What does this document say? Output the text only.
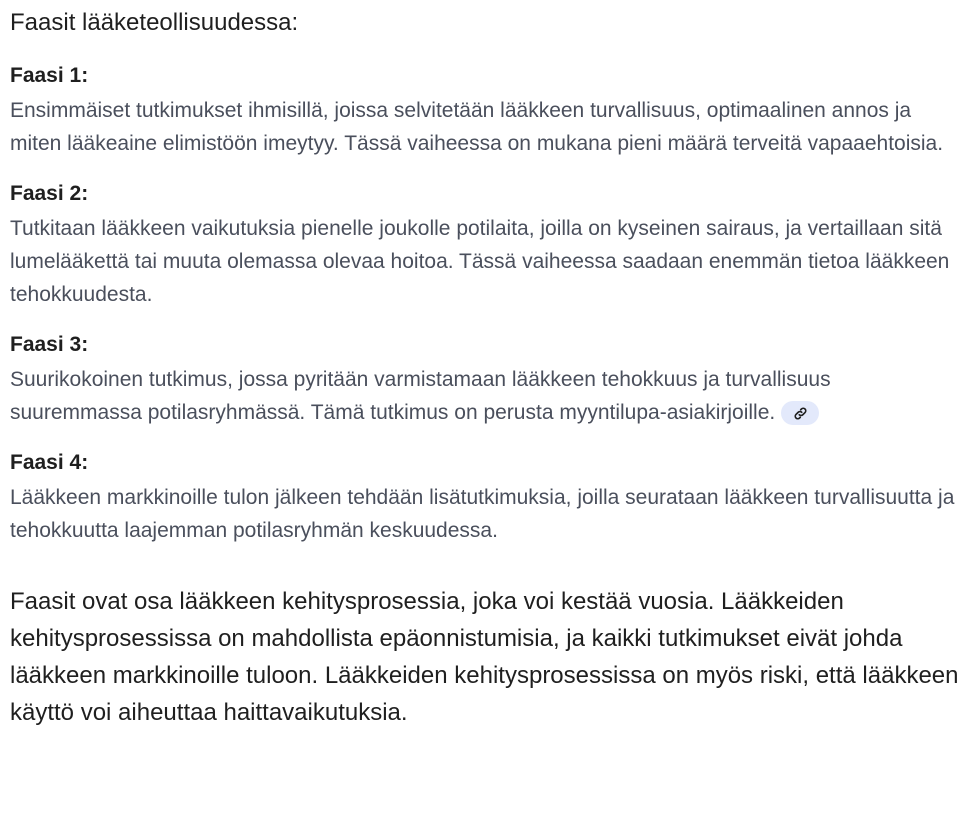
Faasit lääketeollisuudessa:
Faasi 1:

Ensimmäiset tutkimukset ihmisillä, joissa selvitetään lääkkeen turvallisuus, optimaalinen annos ja miten lääkeaine elimistöön imeytyy. Tässä vaiheessa on mukana pieni määrä terveitä vapaaehtoisia.

Faasi 2:

Tutkitaan lääkkeen vaikutuksia pienelle joukolle potilaita, joilla on kyseinen sairaus, ja vertaillaan sitä lumelääkettä tai muuta olemassa olevaa hoitoa. Tässä vaiheessa saadaan enemmän tietoa lääkkeen tehokkuudesta.

Faasi 3:

Suurikokoinen tutkimus, jossa pyritään varmistamaan lääkkeen tehokkuus ja turvallisuus suuremmassa potilasryhmässä. Tämä tutkimus on perusta myyntilupa-asiakirjoille.

Faasi 4:

Lääkkeen markkinoille tulon jälkeen tehdään lisätutkimuksia, joilla seurataan lääkkeen turvallisuutta ja tehokkuutta laajemman potilasryhmän keskuudessa.

Faasit ovat osa lääkkeen kehitysprosessia, joka voi kestää vuosia. Lääkkeiden kehitysprosessissa on mahdollista epäonnistumisia, ja kaikki tutkimukset eivät johda lääkkeen markkinoille tuloon. Lääkkeiden kehitysprosessissa on myös riski, että lääkkeen käyttö voi aiheuttaa haittavaikutuksia.
